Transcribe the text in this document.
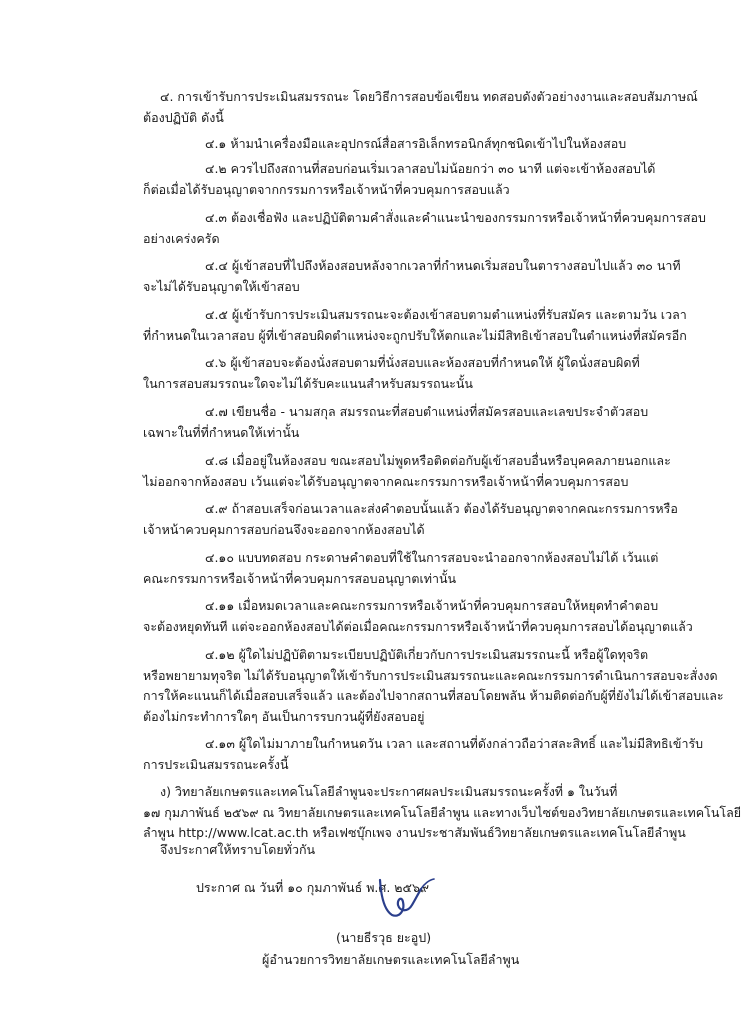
๔. การเข้ารับการประเมินสมรรถนะ โดยวิธีการสอบข้อเขียน ทดสอบดังตัวอย่างงานและสอบสัมภาษณ์
ต้องปฏิบัติ ดังนี้
๔.๑ ห้ามนำเครื่องมือและอุปกรณ์สื่อสารอิเล็กทรอนิกส์ทุกชนิดเข้าไปในห้องสอบ
๔.๒ ควรไปถึงสถานที่สอบก่อนเริ่มเวลาสอบไม่น้อยกว่า ๓๐ นาที แต่จะเข้าห้องสอบได้
ก็ต่อเมื่อได้รับอนุญาตจากกรรมการหรือเจ้าหน้าที่ควบคุมการสอบแล้ว
๔.๓ ต้องเชื่อฟัง และปฏิบัติตามคำสั่งและคำแนะนำของกรรมการหรือเจ้าหน้าที่ควบคุมการสอบ
อย่างเคร่งครัด
๔.๔ ผู้เข้าสอบที่ไปถึงห้องสอบหลังจากเวลาที่กำหนดเริ่มสอบในตารางสอบไปแล้ว ๓๐ นาที
จะไม่ได้รับอนุญาตให้เข้าสอบ
๔.๕ ผู้เข้ารับการประเมินสมรรถนะจะต้องเข้าสอบตามตำแหน่งที่รับสมัคร และตามวัน เวลา
ที่กำหนดในเวลาสอบ ผู้ที่เข้าสอบผิดตำแหน่งจะถูกปรับให้ตกและไม่มีสิทธิเข้าสอบในตำแหน่งที่สมัครอีก
๔.๖ ผู้เข้าสอบจะต้องนั่งสอบตามที่นั่งสอบและห้องสอบที่กำหนดให้ ผู้ใดนั่งสอบผิดที่
ในการสอบสมรรถนะใดจะไม่ได้รับคะแนนสำหรับสมรรถนะนั้น
๔.๗ เขียนชื่อ - นามสกุล สมรรถนะที่สอบตำแหน่งที่สมัครสอบและเลขประจำตัวสอบ
เฉพาะในที่ที่กำหนดให้เท่านั้น
๔.๘ เมื่ออยู่ในห้องสอบ ขณะสอบไม่พูดหรือติดต่อกับผู้เข้าสอบอื่นหรือบุคคลภายนอกและ
ไม่ออกจากห้องสอบ เว้นแต่จะได้รับอนุญาตจากคณะกรรมการหรือเจ้าหน้าที่ควบคุมการสอบ
๔.๙ ถ้าสอบเสร็จก่อนเวลาและส่งคำตอบนั้นแล้ว ต้องได้รับอนุญาตจากคณะกรรมการหรือ
เจ้าหน้าควบคุมการสอบก่อนจึงจะออกจากห้องสอบได้
๔.๑๐ แบบทดสอบ กระดาษคำตอบที่ใช้ในการสอบจะนำออกจากห้องสอบไม่ได้ เว้นแต่
คณะกรรมการหรือเจ้าหน้าที่ควบคุมการสอบอนุญาตเท่านั้น
๔.๑๑ เมื่อหมดเวลาและคณะกรรมการหรือเจ้าหน้าที่ควบคุมการสอบให้หยุดทำคำตอบ
จะต้องหยุดทันที แต่จะออกห้องสอบได้ต่อเมื่อคณะกรรมการหรือเจ้าหน้าที่ควบคุมการสอบได้อนุญาตแล้ว
๔.๑๒ ผู้ใดไม่ปฏิบัติตามระเบียบปฏิบัติเกี่ยวกับการประเมินสมรรถนะนี้ หรือผู้ใดทุจริต
หรือพยายามทุจริต ไม่ได้รับอนุญาตให้เข้ารับการประเมินสมรรถนะและคณะกรรมการดำเนินการสอบจะสั่งงด
การให้คะแนนก็ได้เมื่อสอบเสร็จแล้ว และต้องไปจากสถานที่สอบโดยพลัน ห้ามติดต่อกับผู้ที่ยังไม่ได้เข้าสอบและ
ต้องไม่กระทำการใดๆ อันเป็นการรบกวนผู้ที่ยังสอบอยู่
๔.๑๓ ผู้ใดไม่มาภายในกำหนดวัน เวลา และสถานที่ดังกล่าวถือว่าสละสิทธิ์ และไม่มีสิทธิเข้ารับ
การประเมินสมรรถนะครั้งนี้
ง) วิทยาลัยเกษตรและเทคโนโลยีลำพูนจะประกาศผลประเมินสมรรถนะครั้งที่ ๑ ในวันที่
๑๗ กุมภาพันธ์ ๒๕๖๙ ณ วิทยาลัยเกษตรและเทคโนโลยีลำพูน และทางเว็บไซต์ของวิทยาลัยเกษตรและเทคโนโลยี
ลำพูน http://www.lcat.ac.th หรือเฟซบุ๊กเพจ งานประชาสัมพันธ์วิทยาลัยเกษตรและเทคโนโลยีลำพูน
จึงประกาศให้ทราบโดยทั่วกัน
ประกาศ ณ วันที่ ๑๐ กุมภาพันธ์ พ.ศ. ๒๕๖๙
(นายธีรวุธ ยะอูป)
ผู้อำนวยการวิทยาลัยเกษตรและเทคโนโลยีลำพูน
